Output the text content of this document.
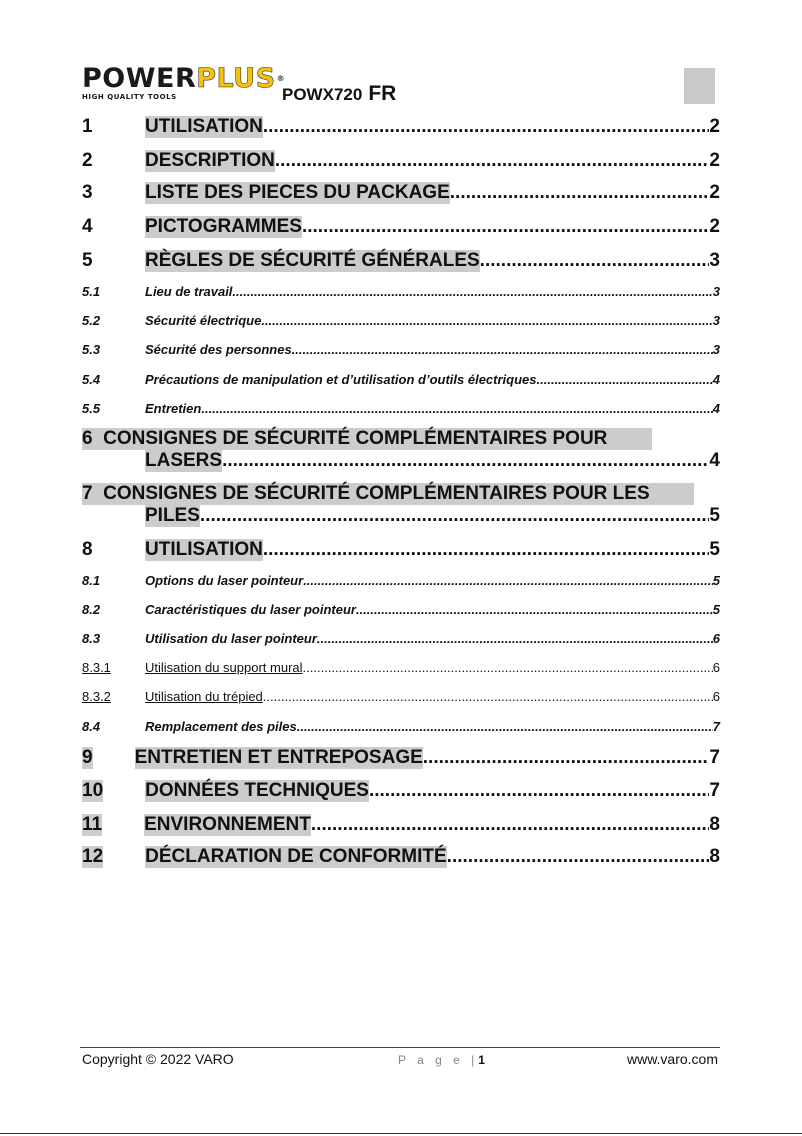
POWERPLUS®
HIGH QUALITY TOOLS	POWX720 FR
1	UTILISATION .....	2
2	DESCRIPTION .....	2
3	LISTE DES PIECES DU PACKAGE .....	2
4	PICTOGRAMMES .....	2
5	RÈGLES DE SÉCURITÉ GÉNÉRALES .....	3
5.1	Lieu de travail .....	3
5.2	Sécurité électrique .....	3
5.3	Sécurité des personnes .....	3
5.4	Précautions de manipulation et d’utilisation d’outils électriques .....	4
5.5	Entretien .....	4
6 CONSIGNES DE SÉCURITÉ COMPLÉMENTAIRES POUR
LASERS .....	4
7 CONSIGNES DE SÉCURITÉ COMPLÉMENTAIRES POUR LES
PILES .....	5
8	UTILISATION .....	5
8.1	Options du laser pointeur .....	5
8.2	Caractéristiques du laser pointeur .....	5
8.3	Utilisation du laser pointeur .....	6
8.3.1	Utilisation du support mural .....	6
8.3.2	Utilisation du trépied .....	6
8.4	Remplacement des piles .....	7
9 ENTRETIEN ET ENTREPOSAGE .....	7
10 DONNÉES TECHNIQUES .....	7
11 ENVIRONNEMENT .....	8
12 DÉCLARATION DE CONFORMITÉ .....	8
Copyright © 2022 VARO	P a g e |1	www.varo.com
